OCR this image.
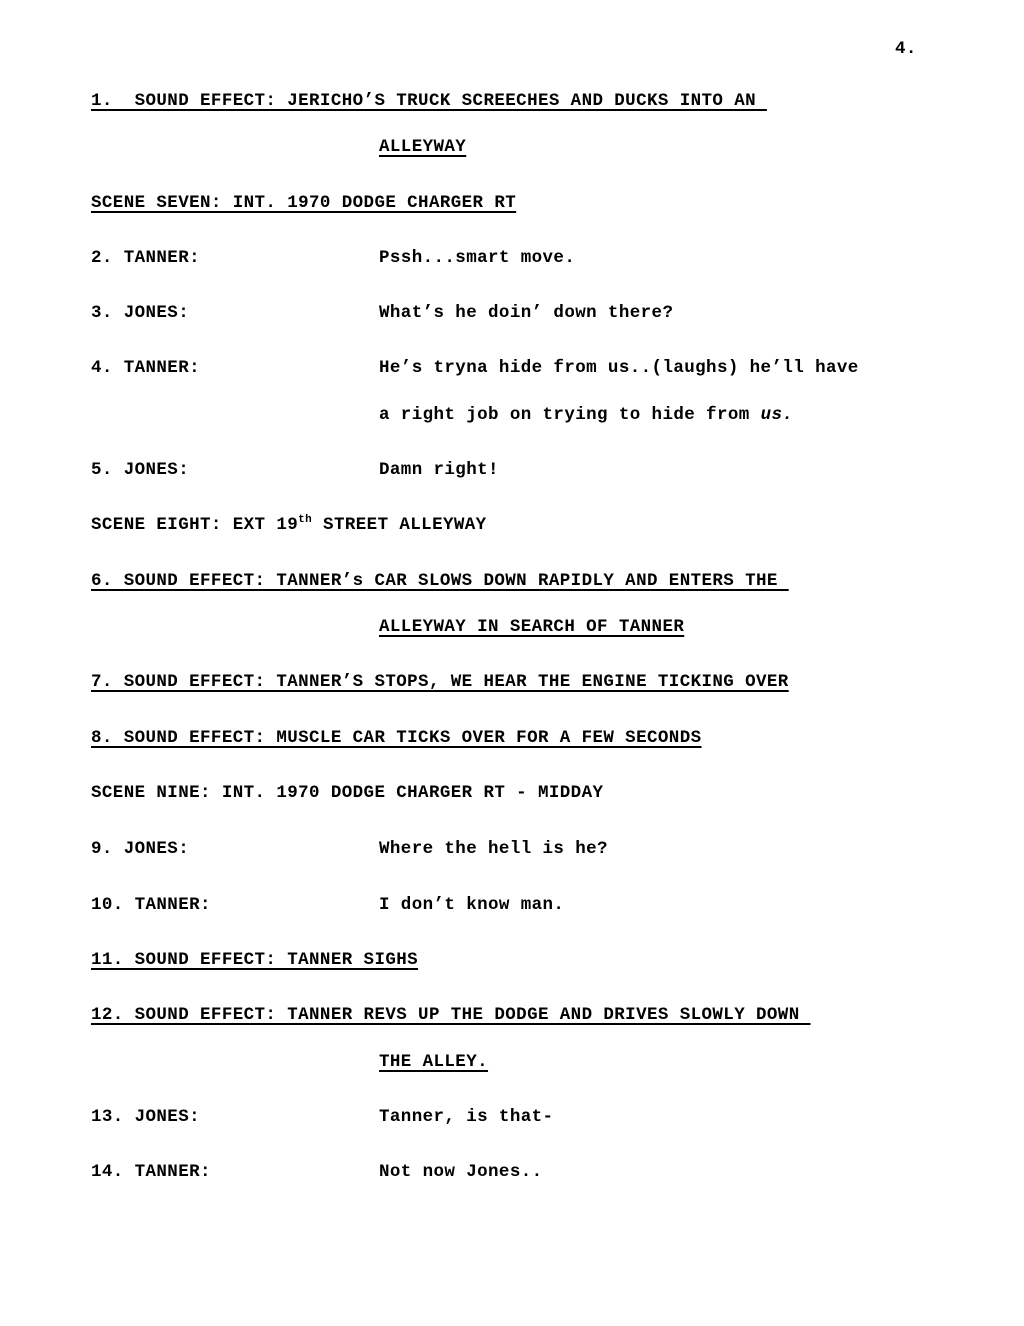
4.
1.  SOUND EFFECT: JERICHO’S TRUCK SCREECHES AND DUCKS INTO AN
ALLEYWAY
SCENE SEVEN: INT. 1970 DODGE CHARGER RT
2. TANNER:	Pssh...smart move.
3. JONES:	What’s he doin’ down there?
4. TANNER:	He’s tryna hide from us..(laughs) he’ll have
a right job on trying to hide from us.
5. JONES:	Damn right!
SCENE EIGHT: EXT 19th STREET ALLEYWAY
6. SOUND EFFECT: TANNER’s CAR SLOWS DOWN RAPIDLY AND ENTERS THE
ALLEYWAY IN SEARCH OF TANNER
7. SOUND EFFECT: TANNER’S STOPS, WE HEAR THE ENGINE TICKING OVER
8. SOUND EFFECT: MUSCLE CAR TICKS OVER FOR A FEW SECONDS
SCENE NINE: INT. 1970 DODGE CHARGER RT - MIDDAY
9. JONES:	Where the hell is he?
10. TANNER:	I don’t know man.
11. SOUND EFFECT: TANNER SIGHS
12. SOUND EFFECT: TANNER REVS UP THE DODGE AND DRIVES SLOWLY DOWN
THE ALLEY.
13. JONES:	Tanner, is that-
14. TANNER:	Not now Jones..
